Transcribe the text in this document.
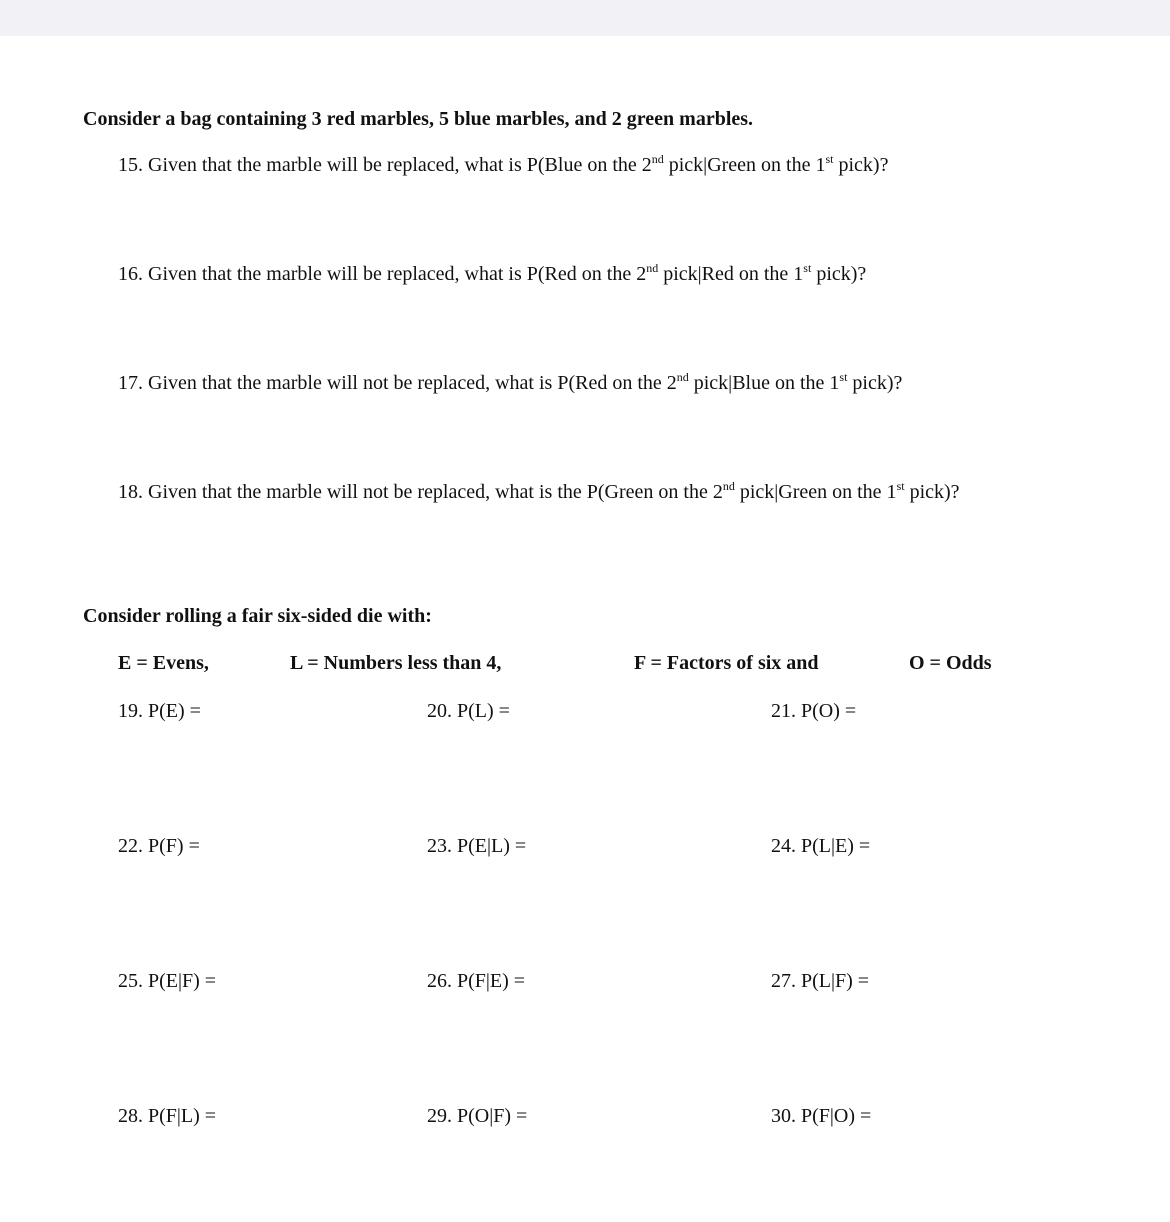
Consider a bag containing 3 red marbles, 5 blue marbles, and 2 green marbles.
15. Given that the marble will be replaced, what is P(Blue on the 2nd pick|Green on the 1st pick)?
16. Given that the marble will be replaced, what is P(Red on the 2nd pick|Red on the 1st pick)?
17. Given that the marble will not be replaced, what is P(Red on the 2nd pick|Blue on the 1st pick)?
18. Given that the marble will not be replaced, what is the P(Green on the 2nd pick|Green on the 1st pick)?
Consider rolling a fair six-sided die with:
E = Evens,	L = Numbers less than 4,	F = Factors of six and	O = Odds
19. P(E) =	20. P(L) =	21. P(O) =
22. P(F) =	23. P(E|L) =	24. P(L|E) =
25. P(E|F) =	26. P(F|E) =	27. P(L|F) =
28. P(F|L) =	29. P(O|F) =	30. P(F|O) =
